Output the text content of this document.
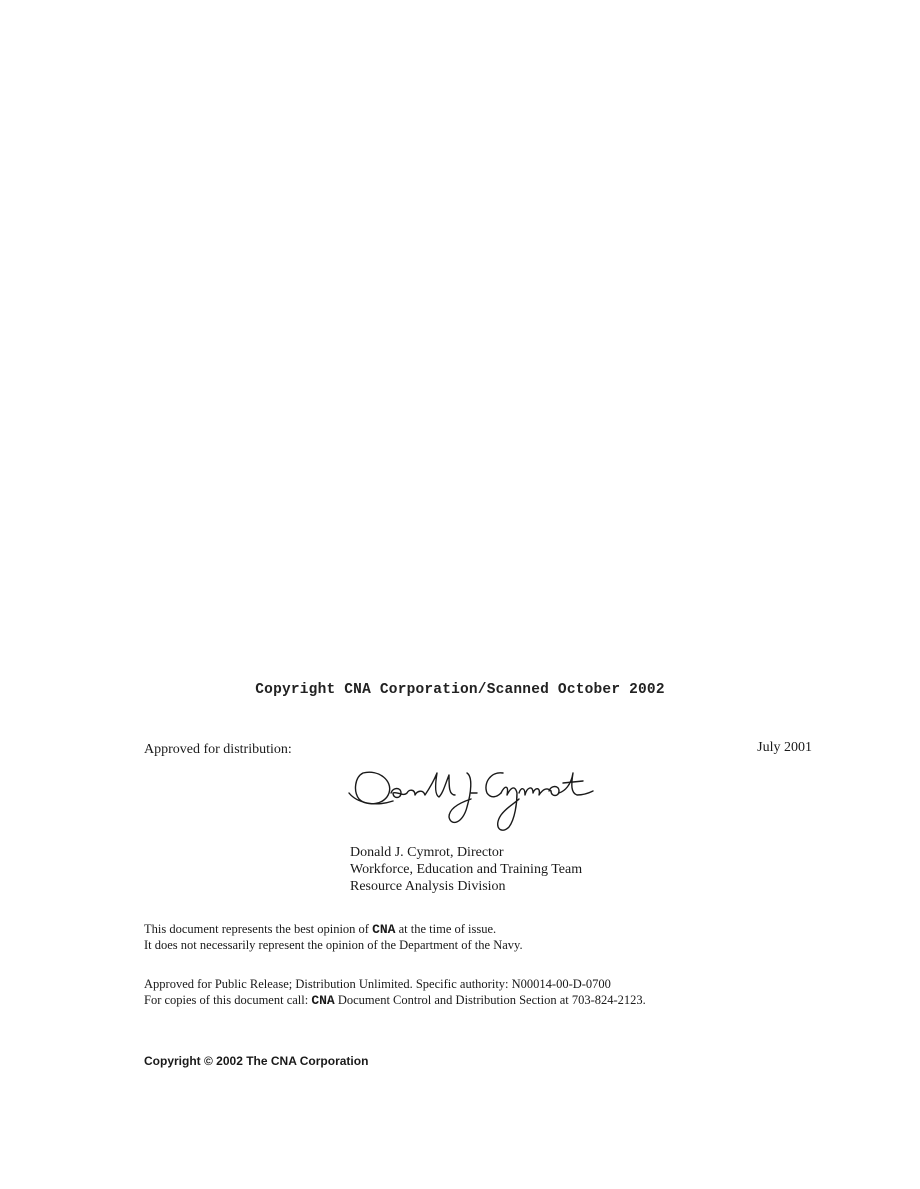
Copyright CNA Corporation/Scanned October 2002
Approved for distribution:	July 2001
Donald J. Cymrot, Director
Workforce, Education and Training Team
Resource Analysis Division
This document represents the best opinion of CNA at the time of issue.
It does not necessarily represent the opinion of the Department of the Navy.
Approved for Public Release; Distribution Unlimited. Specific authority: N00014-00-D-0700
For copies of this document call: CNA Document Control and Distribution Section at 703-824-2123.
Copyright © 2002 The CNA Corporation
